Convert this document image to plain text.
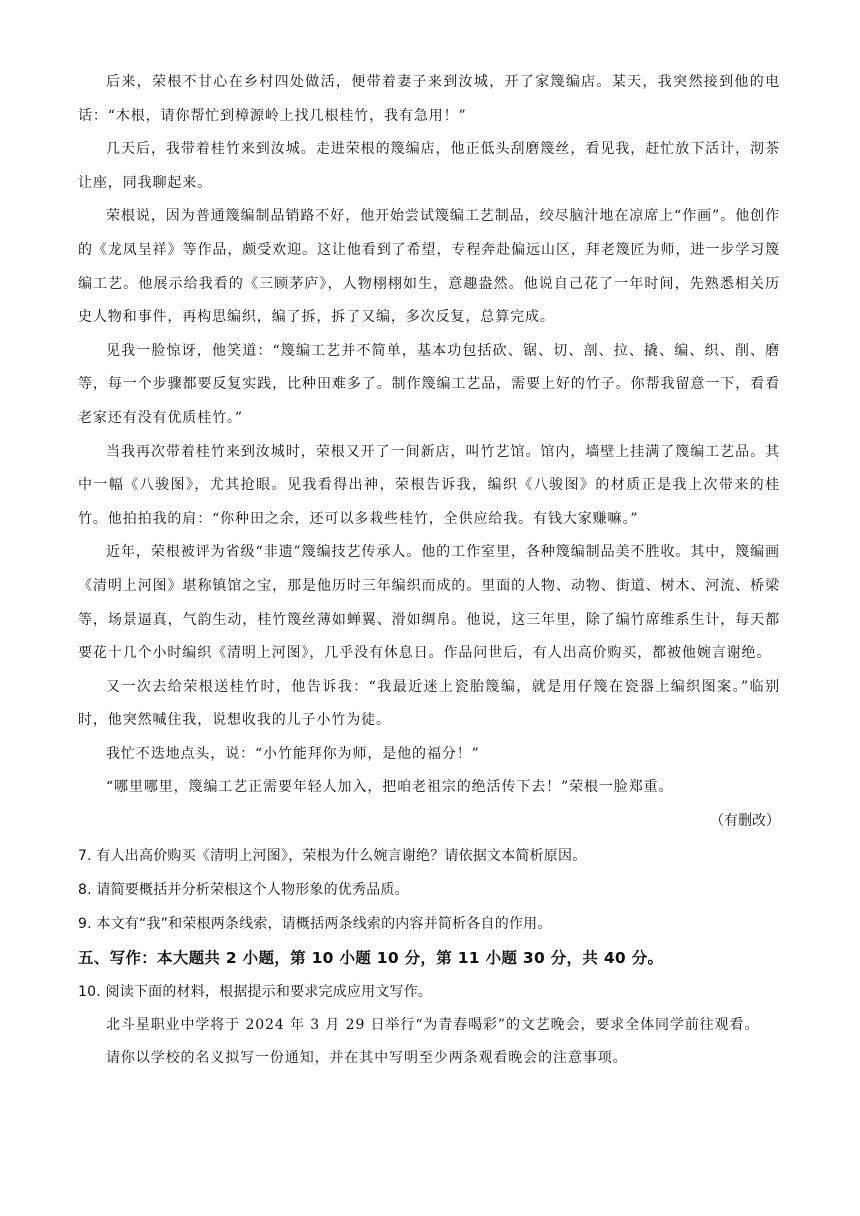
后来，荣根不甘心在乡村四处做活，便带着妻子来到汝城，开了家篾编店。某天，我突然接到他的电话：“木根，请你帮忙到樟源岭上找几根桂竹，我有急用！”

几天后，我带着桂竹来到汝城。走进荣根的篾编店，他正低头刮磨篾丝，看见我，赶忙放下活计，沏茶让座，同我聊起来。

荣根说，因为普通篾编制品销路不好，他开始尝试篾编工艺制品，绞尽脑汁地在凉席上“作画”。他创作的《龙凤呈祥》等作品，颇受欢迎。这让他看到了希望，专程奔赴偏远山区，拜老篾匠为师，进一步学习篾编工艺。他展示给我看的《三顾茅庐》，人物栩栩如生，意趣盎然。他说自己花了一年时间，先熟悉相关历史人物和事件，再构思编织，编了拆，拆了又编，多次反复，总算完成。

见我一脸惊讶，他笑道：“篾编工艺并不简单，基本功包括砍、锯、切、剖、拉、撬、编、织、削、磨等，每一个步骤都要反复实践，比种田难多了。制作篾编工艺品，需要上好的竹子。你帮我留意一下，看看老家还有没有优质桂竹。”

当我再次带着桂竹来到汝城时，荣根又开了一间新店，叫竹艺馆。馆内，墙壁上挂满了篾编工艺品。其中一幅《八骏图》，尤其抢眼。见我看得出神，荣根告诉我，编织《八骏图》的材质正是我上次带来的桂竹。他拍拍我的肩：“你种田之余，还可以多栽些桂竹，全供应给我。有钱大家赚嘛。”

近年，荣根被评为省级“非遗”篾编技艺传承人。他的工作室里，各种篾编制品美不胜收。其中，篾编画《清明上河图》堪称镇馆之宝，那是他历时三年编织而成的。里面的人物、动物、街道、树木、河流、桥梁等，场景逼真，气韵生动，桂竹篾丝薄如蝉翼、滑如绸帛。他说，这三年里，除了编竹席维系生计，每天都要花十几个小时编织《清明上河图》，几乎没有休息日。作品问世后，有人出高价购买，都被他婉言谢绝。

又一次去给荣根送桂竹时，他告诉我：“我最近迷上瓷胎篾编，就是用仔篾在瓷器上编织图案。”临别时，他突然喊住我，说想收我的儿子小竹为徒。

我忙不迭地点头，说：“小竹能拜你为师，是他的福分！”

“哪里哪里，篾编工艺正需要年轻人加入，把咱老祖宗的绝活传下去！”荣根一脸郑重。

（有删改）

7. 有人出高价购买《清明上河图》，荣根为什么婉言谢绝？请依据文本简析原因。

8. 请简要概括并分析荣根这个人物形象的优秀品质。

9. 本文有“我”和荣根两条线索，请概括两条线索的内容并简析各自的作用。

五、写作：本大题共 2 小题，第 10 小题 10 分，第 11 小题 30 分，共 40 分。

10. 阅读下面的材料，根据提示和要求完成应用文写作。

北斗星职业中学将于 2024 年 3 月 29 日举行“为青春喝彩”的文艺晚会，要求全体同学前往观看。

请你以学校的名义拟写一份通知，并在其中写明至少两条观看晚会的注意事项。
